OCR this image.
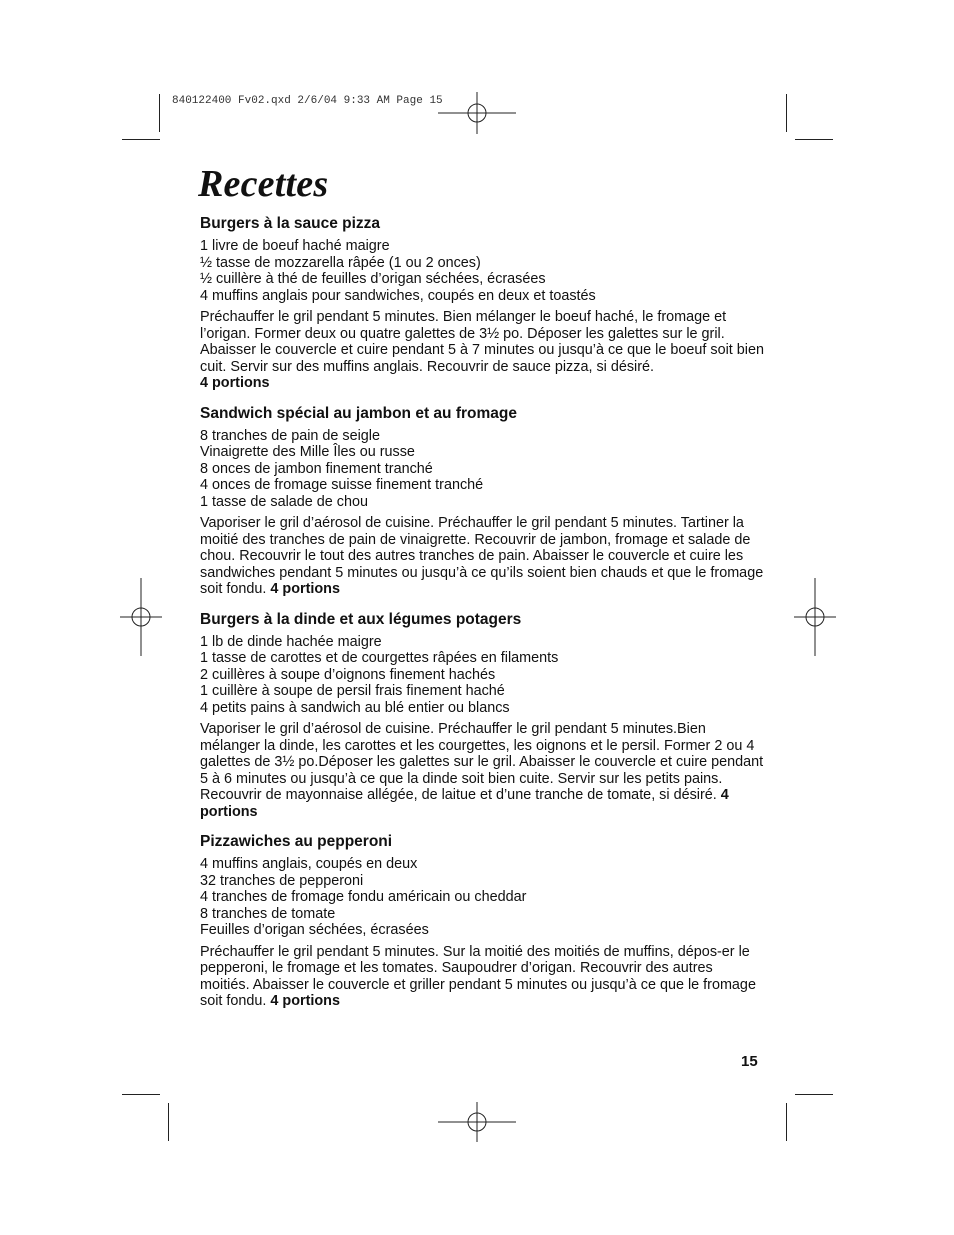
840122400 Fv02.qxd 2/6/04 9:33 AM Page 15
Recettes
Burgers à la sauce pizza
1 livre de boeuf haché maigre
½ tasse de mozzarella râpée (1 ou 2 onces)
½ cuillère à thé de feuilles d’origan séchées, écrasées
4 muffins anglais pour sandwiches, coupés en deux et toastés

Préchauffer le gril pendant 5 minutes. Bien mélanger le boeuf haché, le fromage et l’origan. Former deux ou quatre galettes de 3½ po. Déposer les galettes sur le gril. Abaisser le couvercle et cuire pendant 5 à 7 minutes ou jusqu’à ce que le boeuf soit bien cuit. Servir sur des muffins anglais. Recouvrir de sauce pizza, si désiré.
4 portions

Sandwich spécial au jambon et au fromage
8 tranches de pain de seigle
Vinaigrette des Mille Îles ou russe
8 onces de jambon finement tranché
4 onces de fromage suisse finement tranché
1 tasse de salade de chou

Vaporiser le gril d’aérosol de cuisine. Préchauffer le gril pendant 5 minutes. Tartiner la moitié des tranches de pain de vinaigrette. Recouvrir de jambon, fromage et salade de chou. Recouvrir le tout des autres tranches de pain. Abaisser le couvercle et cuire les sandwiches pendant 5 minutes ou jusqu’à ce qu’ils soient bien chauds et que le fromage soit fondu. 4 portions

Burgers à la dinde et aux légumes potagers
1 lb de dinde hachée maigre
1 tasse de carottes et de courgettes râpées en filaments
2 cuillères à soupe d’oignons finement hachés
1 cuillère à soupe de persil frais finement haché
4 petits pains à sandwich au blé entier ou blancs

Vaporiser le gril d’aérosol de cuisine. Préchauffer le gril pendant 5 minutes.Bien mélanger la dinde, les carottes et les courgettes, les oignons et le persil. Former 2 ou 4 galettes de 3½ po.Déposer les galettes sur le gril. Abaisser le couvercle et cuire pendant 5 à 6 minutes ou jusqu’à ce que la dinde soit bien cuite. Servir sur les petits pains. Recouvrir de mayonnaise allégée, de laitue et d’une tranche de tomate, si désiré. 4 portions

Pizzawiches au pepperoni
4 muffins anglais, coupés en deux
32 tranches de pepperoni
4 tranches de fromage fondu américain ou cheddar
8 tranches de tomate
Feuilles d’origan séchées, écrasées

Préchauffer le gril pendant 5 minutes. Sur la moitié des moitiés de muffins, dépos-er le pepperoni, le fromage et les tomates. Saupoudrer d’origan. Recouvrir des autres moitiés. Abaisser le couvercle et griller pendant 5 minutes ou jusqu’à ce que le fromage soit fondu. 4 portions

15
